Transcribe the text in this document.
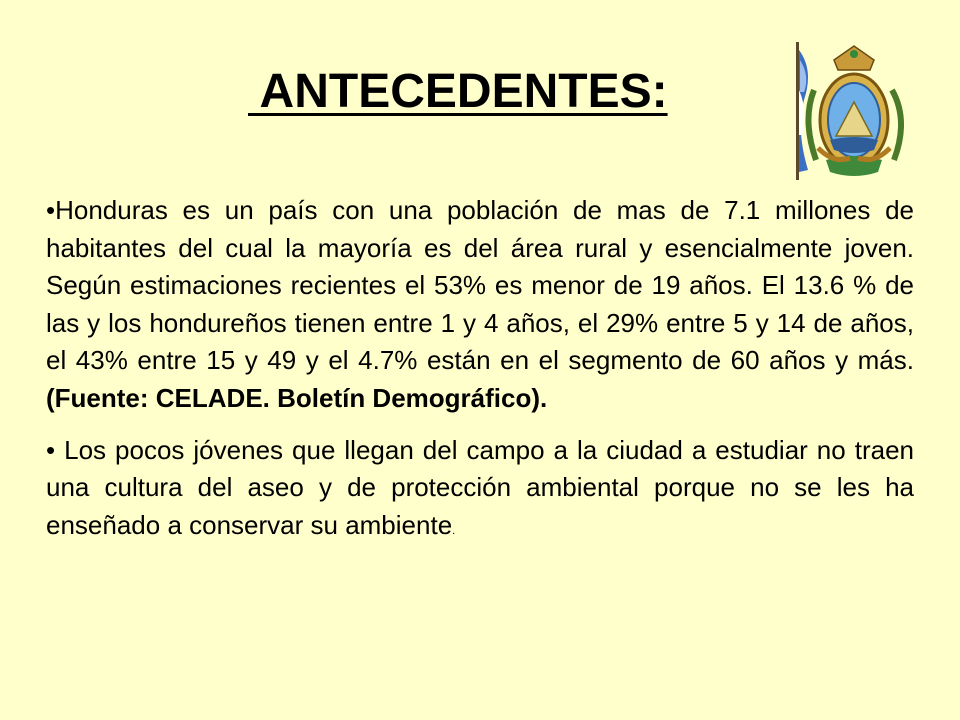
ANTECEDENTES:

•Honduras es un país con una población de mas de 7.1 millones de habitantes del cual la mayoría es del área rural y esencialmente joven. Según estimaciones recientes el 53% es menor de 19 años. El 13.6 % de las y los hondureños tienen entre 1 y 4 años, el 29% entre 5 y 14 de años, el 43% entre 15 y 49 y el 4.7% están en el segmento de 60 años y más. (Fuente: CELADE. Boletín Demográfico).

• Los pocos jóvenes que llegan del campo a la ciudad a estudiar no traen una cultura del aseo y de protección ambiental porque no se les ha enseñado a conservar su ambiente.
